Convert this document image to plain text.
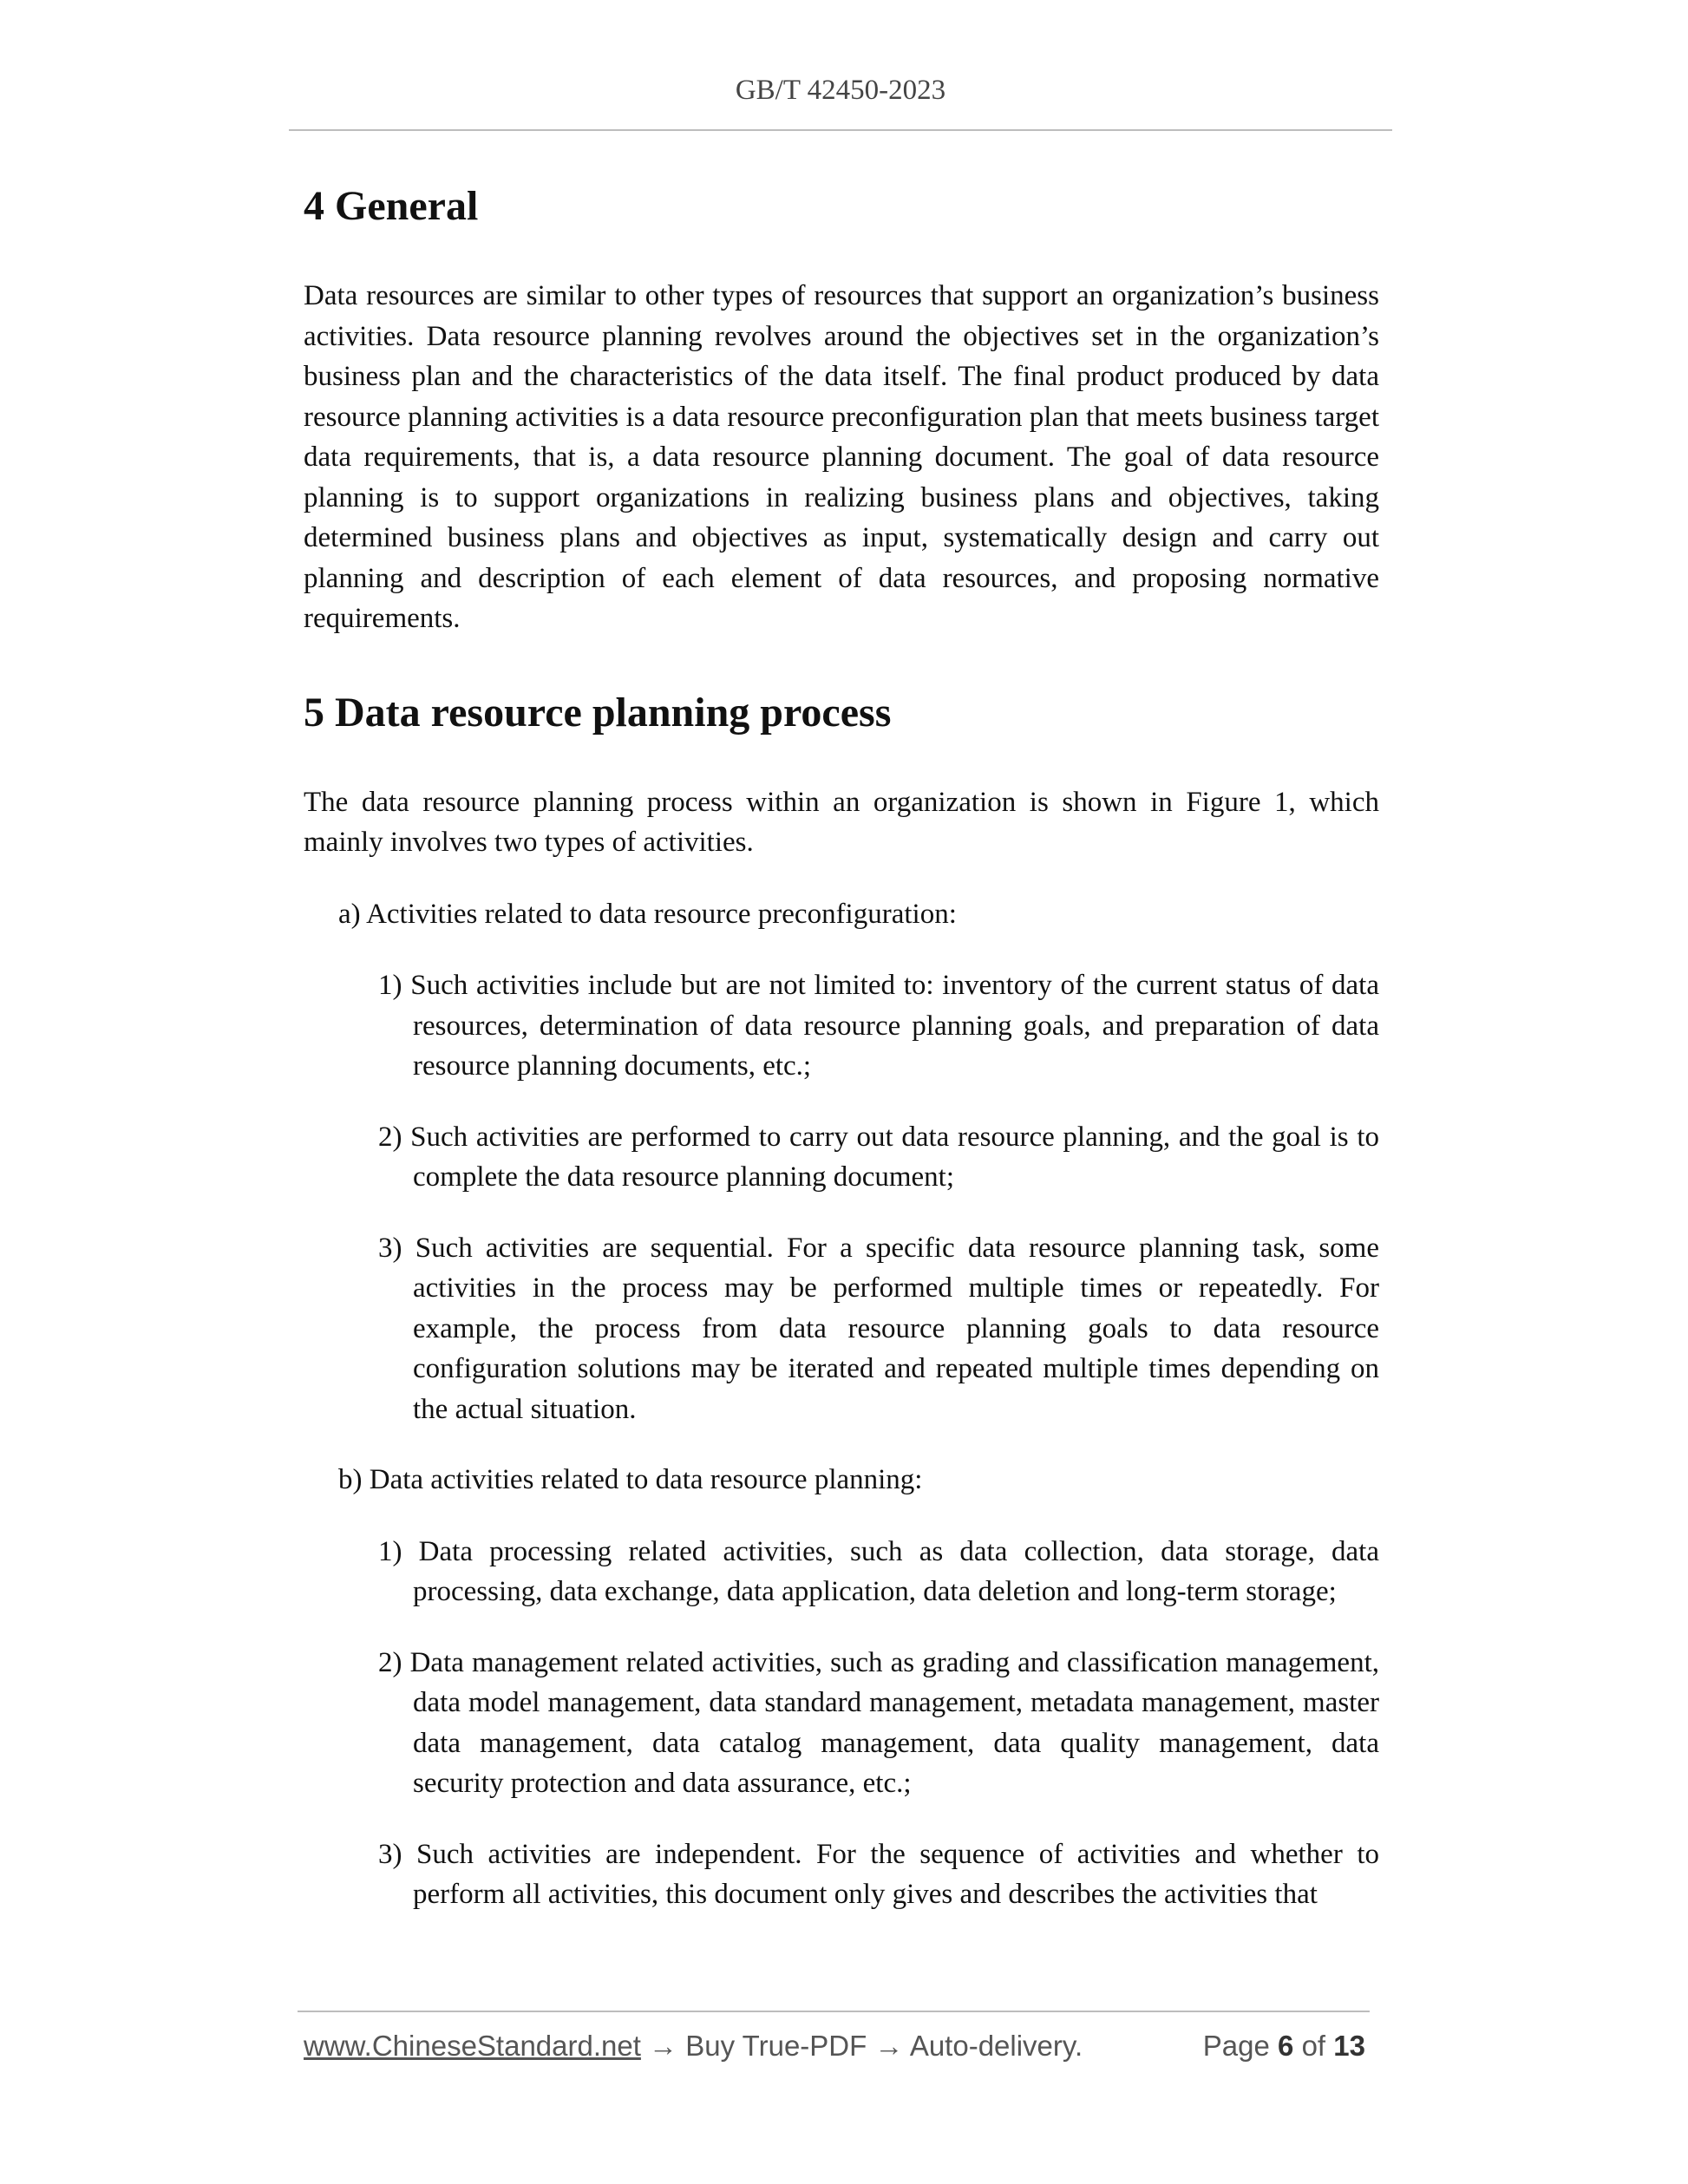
GB/T 42450-2023
4 General

Data resources are similar to other types of resources that support an organization’s business activities. Data resource planning revolves around the objectives set in the organization’s business plan and the characteristics of the data itself. The final product produced by data resource planning activities is a data resource preconfiguration plan that meets business target data requirements, that is, a data resource planning document. The goal of data resource planning is to support organizations in realizing business plans and objectives, taking determined business plans and objectives as input, systematically design and carry out planning and description of each element of data resources, and proposing normative requirements.

5 Data resource planning process

The data resource planning process within an organization is shown in Figure 1, which mainly involves two types of activities.

a) Activities related to data resource preconfiguration:

1) Such activities include but are not limited to: inventory of the current status of data resources, determination of data resource planning goals, and preparation of data resource planning documents, etc.;

2) Such activities are performed to carry out data resource planning, and the goal is to complete the data resource planning document;

3) Such activities are sequential. For a specific data resource planning task, some activities in the process may be performed multiple times or repeatedly. For example, the process from data resource planning goals to data resource configuration solutions may be iterated and repeated multiple times depending on the actual situation.

b) Data activities related to data resource planning:

1) Data processing related activities, such as data collection, data storage, data processing, data exchange, data application, data deletion and long-term storage;

2) Data management related activities, such as grading and classification management, data model management, data standard management, metadata management, master data management, data catalog management, data quality management, data security protection and data assurance, etc.;

3) Such activities are independent. For the sequence of activities and whether to perform all activities, this document only gives and describes the activities that

www.ChineseStandard.net → Buy True-PDF → Auto-delivery.	Page 6 of 13
